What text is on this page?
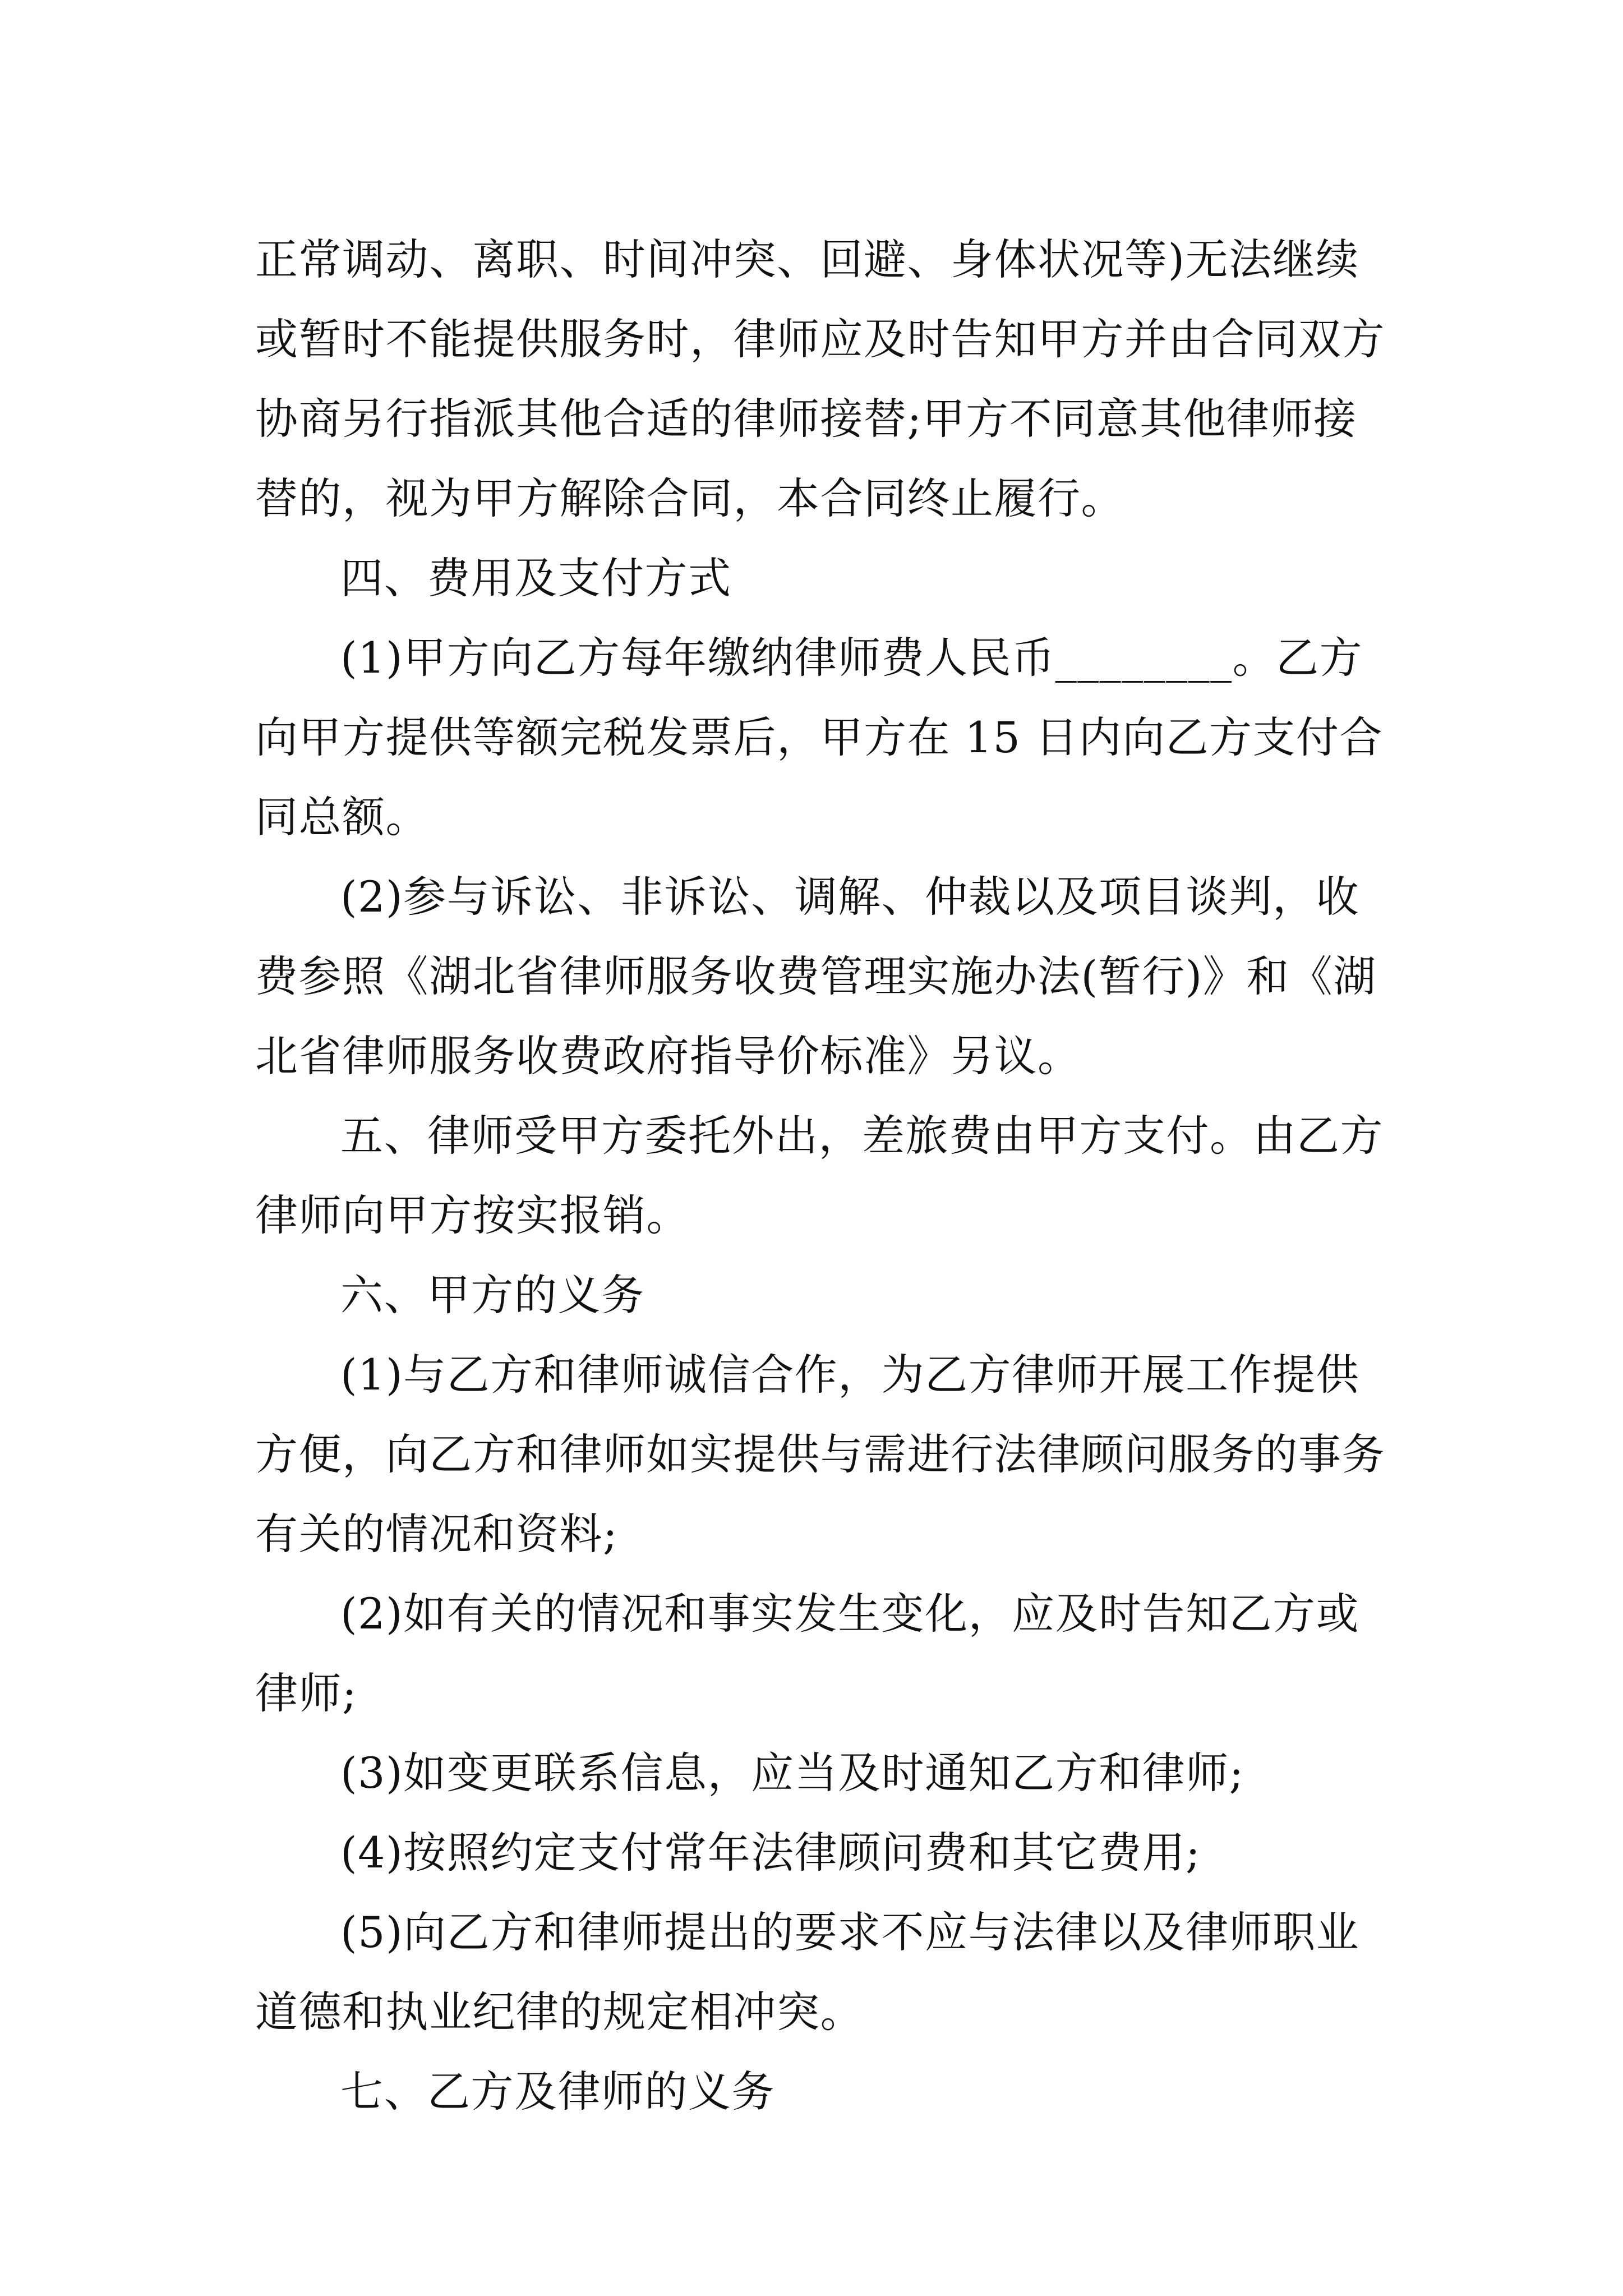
正常调动、离职、时间冲突、回避、身体状况等)无法继续

或暂时不能提供服务时，律师应及时告知甲方并由合同双方

协商另行指派其他合适的律师接替;甲方不同意其他律师接

替的，视为甲方解除合同，本合同终止履行。

四、费用及支付方式

(1)甲方向乙方每年缴纳律师费人民币________。乙方

向甲方提供等额完税发票后，甲方在 15 日内向乙方支付合

同总额。

(2)参与诉讼、非诉讼、调解、仲裁以及项目谈判，收

费参照《湖北省律师服务收费管理实施办法(暂行)》和《湖

北省律师服务收费政府指导价标准》另议。

五、律师受甲方委托外出，差旅费由甲方支付。由乙方

律师向甲方按实报销。

六、甲方的义务

(1)与乙方和律师诚信合作，为乙方律师开展工作提供

方便，向乙方和律师如实提供与需进行法律顾问服务的事务

有关的情况和资料;

(2)如有关的情况和事实发生变化，应及时告知乙方或

律师;

(3)如变更联系信息，应当及时通知乙方和律师;

(4)按照约定支付常年法律顾问费和其它费用;

(5)向乙方和律师提出的要求不应与法律以及律师职业

道德和执业纪律的规定相冲突。

七、乙方及律师的义务
